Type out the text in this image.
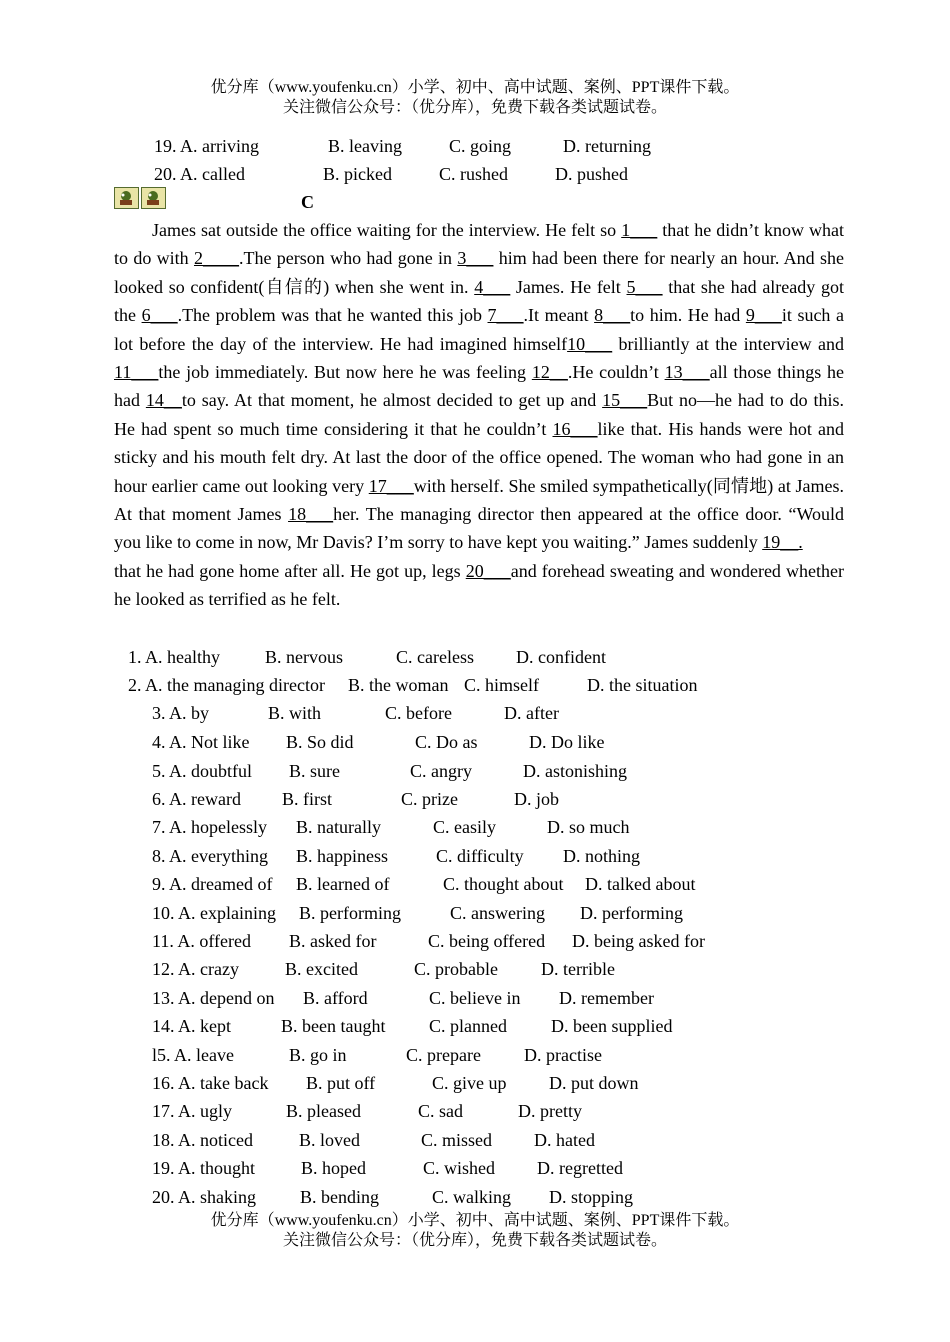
优分库（www.youfenku.cn）小学、初中、高中试题、案例、PPT课件下载。
关注微信公众号：（优分库），免费下载各类试题试卷。
19. A. arriving	B. leaving	C. going	D. returning
20. A. called	B. picked	C. rushed	D. pushed
C

James sat outside the office waiting for the interview. He felt so 1___ that he didn’t know what to do with 2____.The person who had gone in 3___ him had been there for nearly an hour. And she looked so confident(自信的) when she went in. 4___ James. He felt 5___ that she had already got the 6___.The problem was that he wanted this job 7___.It meant 8___to him. He had 9___it such a lot before the day of the interview. He had imagined himself10___ brilliantly at the interview and 11___the job immediately. But now here he was feeling 12__.He couldn’t 13___all those things he had 14__to say. At that moment, he almost decided to get up and 15___But no—he had to do this. He had spent so much time considering it that he couldn’t 16___like that. His hands were hot and sticky and his mouth felt dry. At last the door of the office opened. The woman who had gone in an hour earlier came out looking very 17___with herself. She smiled sympathetically(同情地) at James. At that moment James 18___her. The managing director then appeared at the office door. “Would you like to come in now, Mr Davis? I’m sorry to have kept you waiting.” James suddenly 19__.

that he had gone home after all. He got up, legs 20___and forehead sweating and wondered whether he looked as terrified as he felt.

1. A. healthy	B. nervous	C. careless D. confident
2. A. the managing director B. the woman C. himself	D. the situation
3. A. by	B. with	C. before	D. after
4. A. Not like B. So did	C. Do as	D. Do like
5. A. doubtful B. sure	C. angry	D. astonishing
6. A. reward B. first	C. prize	D. job
7. A. hopelessly B. naturally	C. easily	D. so much
8. A. everything B. happiness	C. difficulty D. nothing
9. A. dreamed of B. learned of	C. thought about D. talked about
10. A. explaining B. performing	C. answering D. performing
11. A. offered B. asked for	C. being offered D. being asked for
12. A. crazy	B. excited	C. probable D. terrible
13. A. depend on B. afford	C. believe in D. remember
14. A. kept	B. been taught C. planned D. been supplied
l5. A. leave	B. go in	C. prepare D. practise
16. A. take back B. put off	C. give up D. put down
17. A. ugly	B. pleased	C. sad	D. pretty
18. A. noticed	B. loved	C. missed D. hated
19. A. thought	B. hoped	C. wished D. regretted
20. A. shaking B. bending	C. walking D. stopping
优分库（www.youfenku.cn）小学、初中、高中试题、案例、PPT课件下载。
关注微信公众号：（优分库），免费下载各类试题试卷。
